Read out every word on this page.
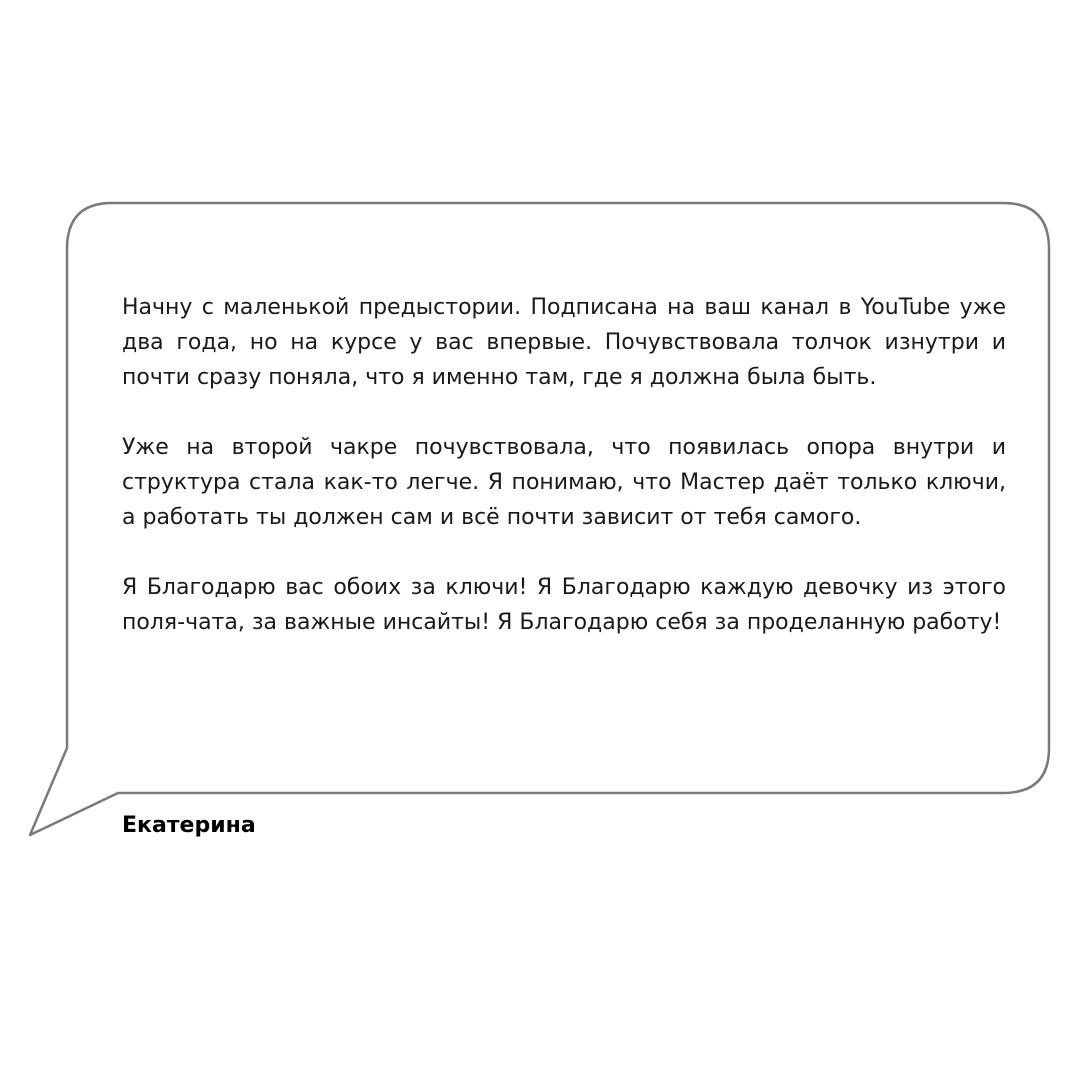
Начну с маленькой предыстории. Подписана на ваш канал в YouTube уже два года, но на курсе у вас впервые. Почувствовала толчок изнутри и почти сразу поняла, что я именно там, где я должна была быть.

Уже на второй чакре почувствовала, что появилась опора внутри и структура стала как-то легче. Я понимаю, что Мастер даёт только ключи, а работать ты должен сам и всё почти зависит от тебя самого.

Я Благодарю вас обоих за ключи! Я Благодарю каждую девочку из этого поля-чата, за важные инсайты! Я Благодарю себя за проделанную работу!

Екатерина
